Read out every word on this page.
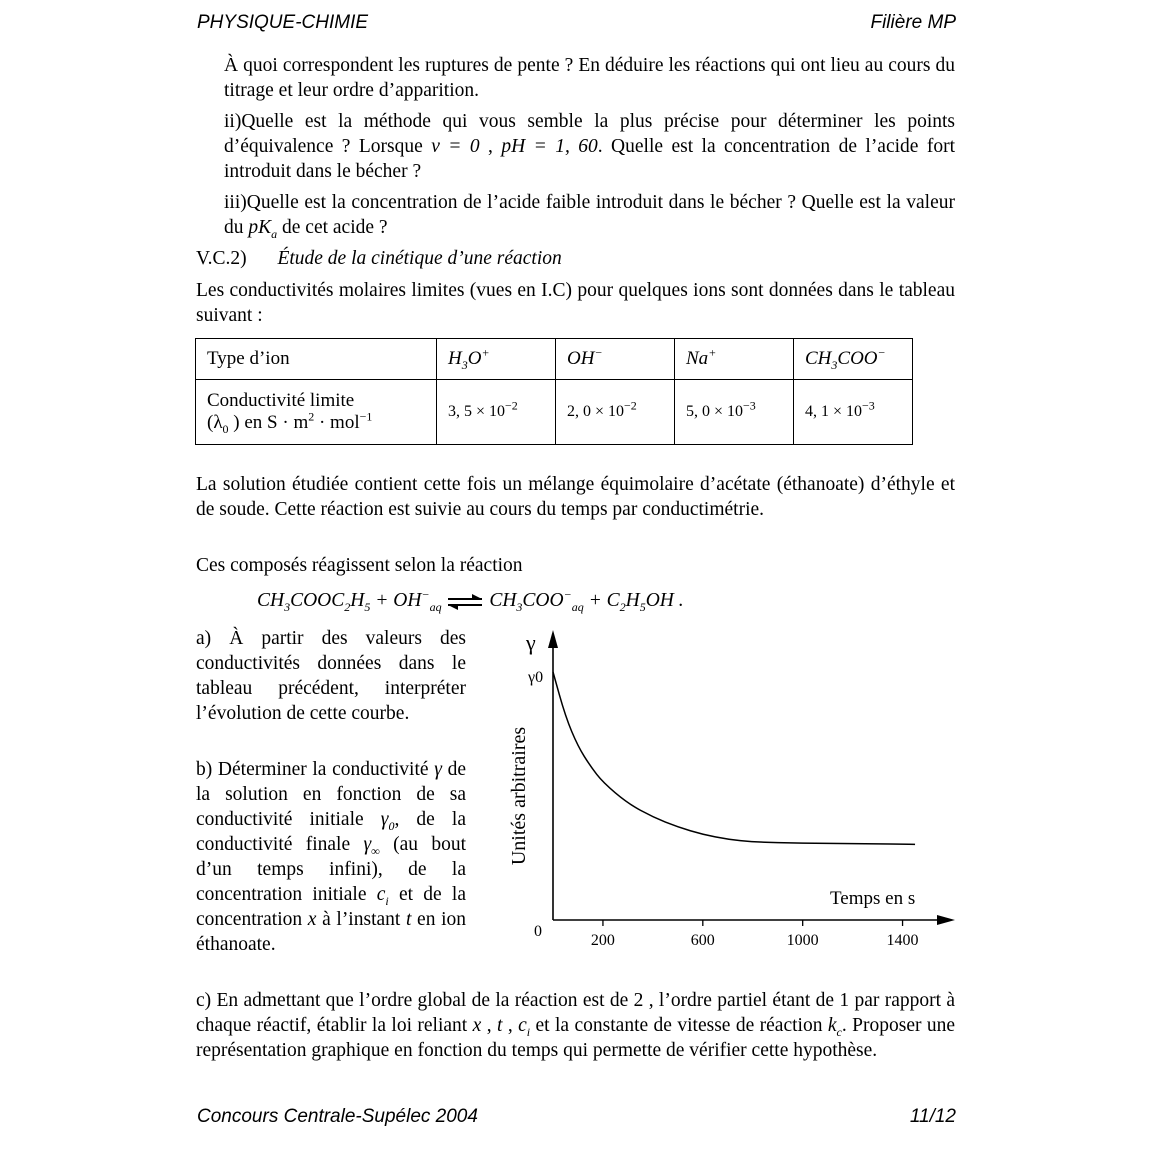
PHYSIQUE-CHIMIE	Filière MP
À quoi correspondent les ruptures de pente ? En déduire les réactions qui ont lieu au cours du titrage et leur ordre d’apparition.
ii)Quelle est la méthode qui vous semble la plus précise pour déterminer les points d’équivalence ? Lorsque v = 0 , pH = 1, 60. Quelle est la concentration de l’acide fort introduit dans le bécher ?
iii)Quelle est la concentration de l’acide faible introduit dans le bécher ? Quelle est la valeur du $pK_a$ de cet acide ?
V.C.2) Étude de la cinétique d’une réaction
Les conductivités molaires limites (vues en I.C) pour quelques ions sont données dans le tableau suivant :
Type d’ion	$H_3O^+$	OH−	Na+	$CH_3COO^-$
Conductivité limite
($\lambda_0$ ) en $S \cdot m^2 \cdot mol^{-1}$	3, $5 \times 10^{-2}$	2, $0 \times 10^{-2}$	5, $0 \times 10^{-3}$	4, $1 \times 10^{-3}$
La solution étudiée contient cette fois un mélange équimolaire d’acétate (éthanoate) d’éthyle et de soude. Cette réaction est suivie au cours du temps par conductimétrie.
Ces composés réagissent selon la réaction
$CH_3COOC_2H_5 + OH^-_{aq}$ ⇌ $CH_3COO^-_{aq} + C_2H_5OH$ .
a) À partir des valeurs des conductivités données dans le tableau précédent, interpréter l’évolution de cette courbe.
b) Déterminer la conductivité γ de la solution en fonction de sa conductivité initiale $\gamma_0$, de la conductivité finale $\gamma_\infty$ (au bout d’un temps infini), de la concentration initiale $c_i$ et de la concentration x à l’instant t en ion éthanoate.
γ
γ0
0
Temps en s
Unités arbitraires
200	600	1000	1400
c) En admettant que l’ordre global de la réaction est de 2 , l’ordre partiel étant de 1 par rapport à chaque réactif, établir la loi reliant x , t , $c_i$ et la constante de vitesse de réaction $k_c$. Proposer une représentation graphique en fonction du temps qui permette de vérifier cette hypothèse.
Concours Centrale-Supélec 2004	11/12
